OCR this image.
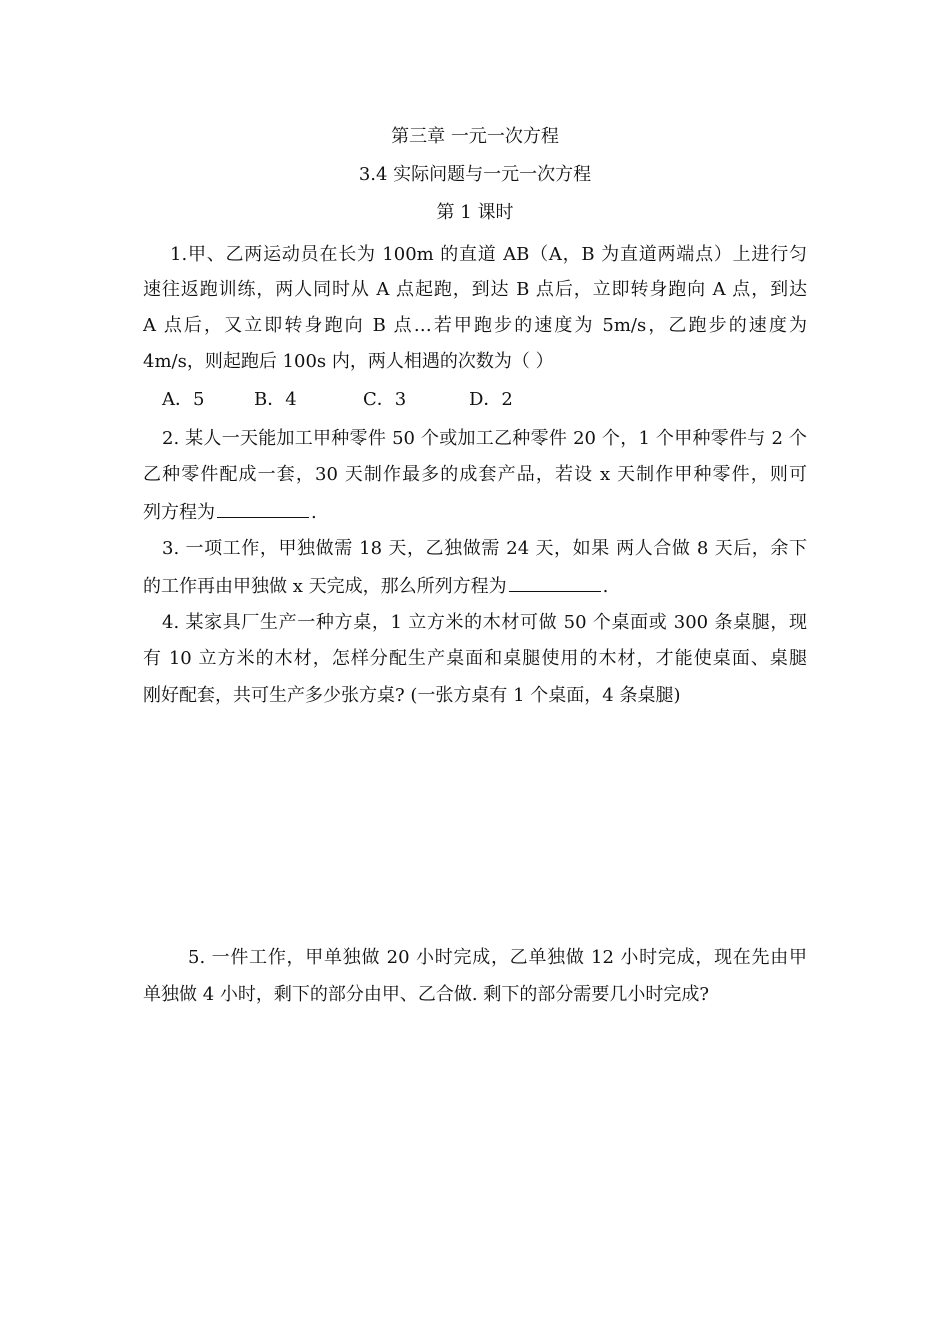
第三章 一元一次方程
3.4 实际问题与一元一次方程
第 1 课时
1.甲、乙两运动员在长为 100m 的直道 AB（A，B 为直道两端点）上进行匀
速往返跑训练，两人同时从 A 点起跑，到达 B 点后，立即转身跑向 A 点，到达
A 点后，又立即转身跑向 B 点…若甲跑步的速度为 5m/s，乙跑步的速度为
4m/s，则起跑后 100s 内，两人相遇的次数为（ ）
A．5	B．4	C．3	D．2
2. 某人一天能加工甲种零件 50 个或加工乙种零件 20 个，1 个甲种零件与 2 个
乙种零件配成一套，30 天制作最多的成套产品，若设 x 天制作甲种零件，则可
列方程为	.
3. 一项工作，甲独做需 18 天，乙独做需 24 天，如果 两人合做 8 天后，余下
的工作再由甲独做 x 天完成，那么所列方程为	.
4. 某家具厂生产一种方桌，1 立方米的木材可做 50 个桌面或 300 条桌腿，现
有 10 立方米的木材，怎样分配生产桌面和桌腿使用的木材，才能使桌面、桌腿
刚好配套，共可生产多少张方桌? (一张方桌有 1 个桌面，4 条桌腿)
5. 一件工作，甲单独做 20 小时完成，乙单独做 12 小时完成，现在先由甲
单独做 4 小时，剩下的部分由甲、乙合做. 剩下的部分需要几小时完成?
